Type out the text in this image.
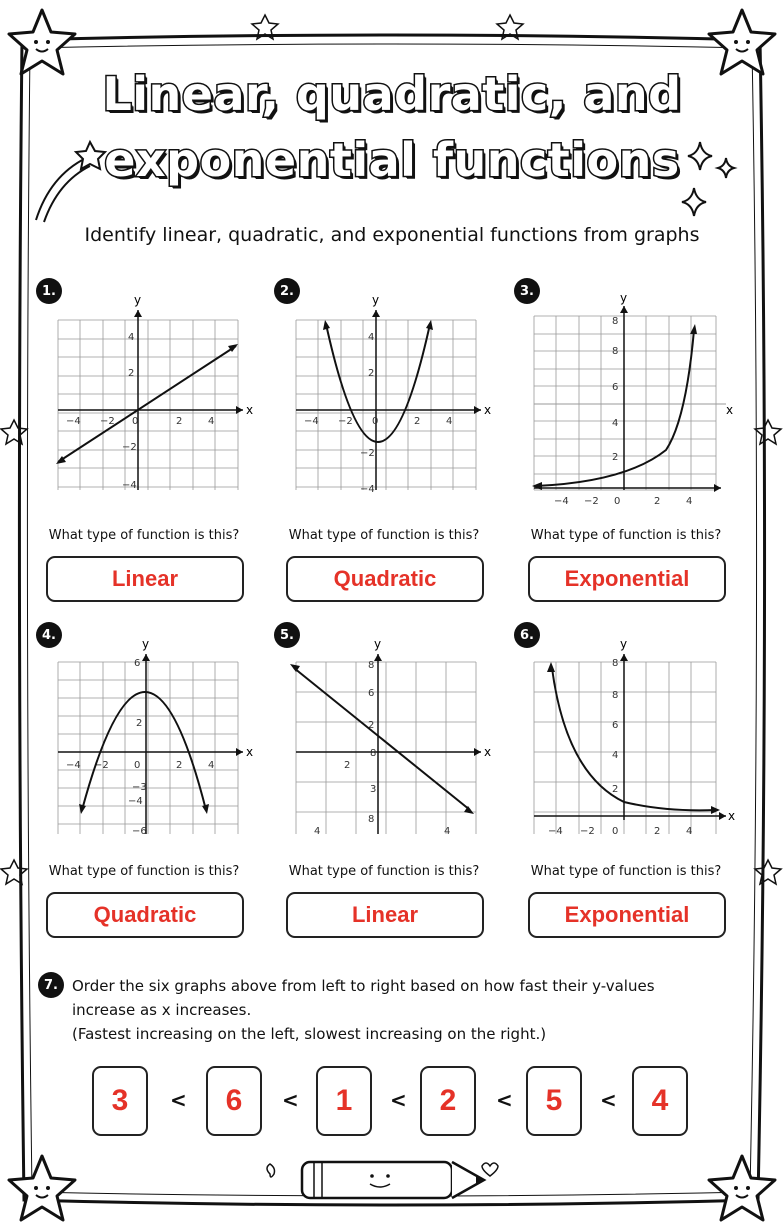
Linear, quadratic, and
exponential functions
Identify linear, quadratic, and exponential functions from graphs
1.	2.	3.
x
y
−4 −2 0	2	4
4
2
−2
−4
x
y
−4 −2 0	2	4
4
2
−2
−4
x
y
−4 −2 0	2	4
8
8
6
4
2
What type of function is this?	What type of function is this?	What type of function is this?
Linear	Quadratic	Exponential
4.	5.	6.
x
y
−4 −2	0	2	4
6
2
−3
−4
−6
x
y
4
2
4
8
6
2
8
3
8	x
y
−4 −2 0	2	4
8
8
6
4
2
What type of function is this?	What type of function is this?	What type of function is this?
Quadratic	Linear	Exponential
7. Order the six graphs above from left to right based on how fast their y-values
increase as x increases.
(Fastest increasing on the left, slowest increasing on the right.)
3	<	6	<	1	<	2	<	5	<	4
